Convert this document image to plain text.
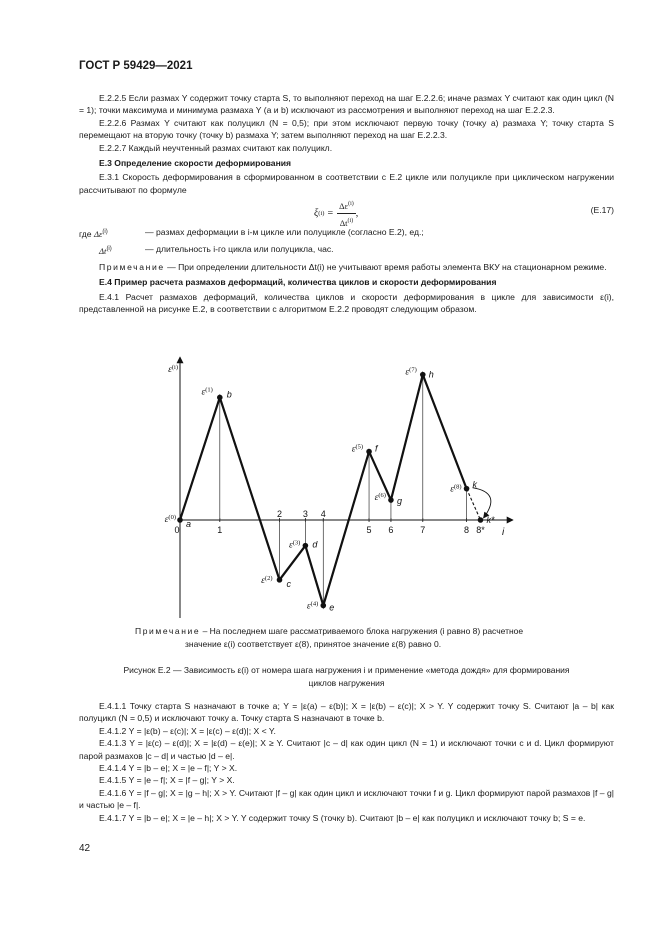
ГОСТ Р 59429—2021

Е.2.2.5 Если размах Y содержит точку старта S, то выполняют переход на шаг Е.2.2.6; иначе размах Y считают как один цикл (N = 1); точки максимума и минимума размаха Y (a и b) исключают из рассмотрения и выполняют переход на шаг Е.2.2.3.

Е.2.2.6 Размах Y считают как полуцикл (N = 0,5); при этом исключают первую точку (точку a) размаха Y; точку старта S перемещают на вторую точку (точку b) размаха Y; затем выполняют переход на шаг Е.2.2.3.

Е.2.2.7 Каждый неучтенный размах считают как полуцикл.

Е.3 Определение скорости деформирования

Е.3.1 Скорость деформирования в сформированном в соответствии с Е.2 цикле или полуцикле при циклическом нагружении рассчитывают по формуле

ξ $(i) = \frac{\Delta\varepsilon^{(i)}}{\Delta t^{(i)}}$ ,	(Е.17)
где $\Delta\varepsilon^{(i)}$	— размах деформации в i-м цикле или полуцикле (согласно Е.2), ед.;
$\Delta t^{(i)}$	— длительность i-го цикла или полуцикла, час.

Примечание — При определении длительности Δt(i) не учитывают время работы элемента ВКУ на стационарном режиме.

Е.4 Пример расчета размахов деформаций, количества циклов и скорости деформирования

Е.4.1 Расчет размахов деформаций, количества циклов и скорости деформирования в цикле для зависимости ε(i), представленной на рисунке Е.2, в соответствии с алгоритмом Е.2.2 проводят следующим образом.

$\varepsilon^{(i)}$
i
0	1
2 3 4
5 6	7	8 8*
a
$\varepsilon^{(0)}$
b
$\varepsilon^{(1)}$
c
$\varepsilon^{(2)}$
d
$\varepsilon^{(3)}$
e
$\varepsilon^{(4)}$
f
$\varepsilon^{(5)}$
g
$\varepsilon^{(6)}$
h
$\varepsilon^{(7)}$
k
$\varepsilon^{(8)}$
k*
Примечание – На последнем шаге рассматриваемого блока нагружения (i равно 8) расчетное
значение ε(i) соответствует ε(8), принятое значение ε(8) равно 0.
Рисунок Е.2 — Зависимость ε(i) от номера шага нагружения i и применение «метода дождя» для формирования
циклов нагружения

Е.4.1.1 Точку старта S назначают в точке a; Y = |ε(a) – ε(b)|; X = |ε(b) – ε(c)|; X > Y. Y содержит точку S. Считают |a – b| как полуцикл (N = 0,5) и исключают точку a. Точку старта S назначают в точке b.

Е.4.1.2 Y = |ε(b) – ε(c)|; X = |ε(c) – ε(d)|; X < Y.

Е.4.1.3 Y = |ε(c) – ε(d)|; X = |ε(d) – ε(e)|; X ≥ Y. Считают |c – d| как один цикл (N = 1) и исключают точки c и d. Цикл формируют парой размахов |c – d| и частью |d – e|.

Е.4.1.4 Y = |b – e|; X = |e – f|; Y > X.

Е.4.1.5 Y = |e – f|; X = |f – g|; Y > X.

Е.4.1.6 Y = |f – g|; X = |g – h|; X > Y. Считают |f – g| как один цикл и исключают точки f и g. Цикл формируют парой размахов |f – g| и частью |e – f|.

Е.4.1.7 Y = |b – e|; X = |e – h|; X > Y. Y содержит точку S (точку b). Считают |b – e| как полуцикл и исключают точку b; S = e.

42
